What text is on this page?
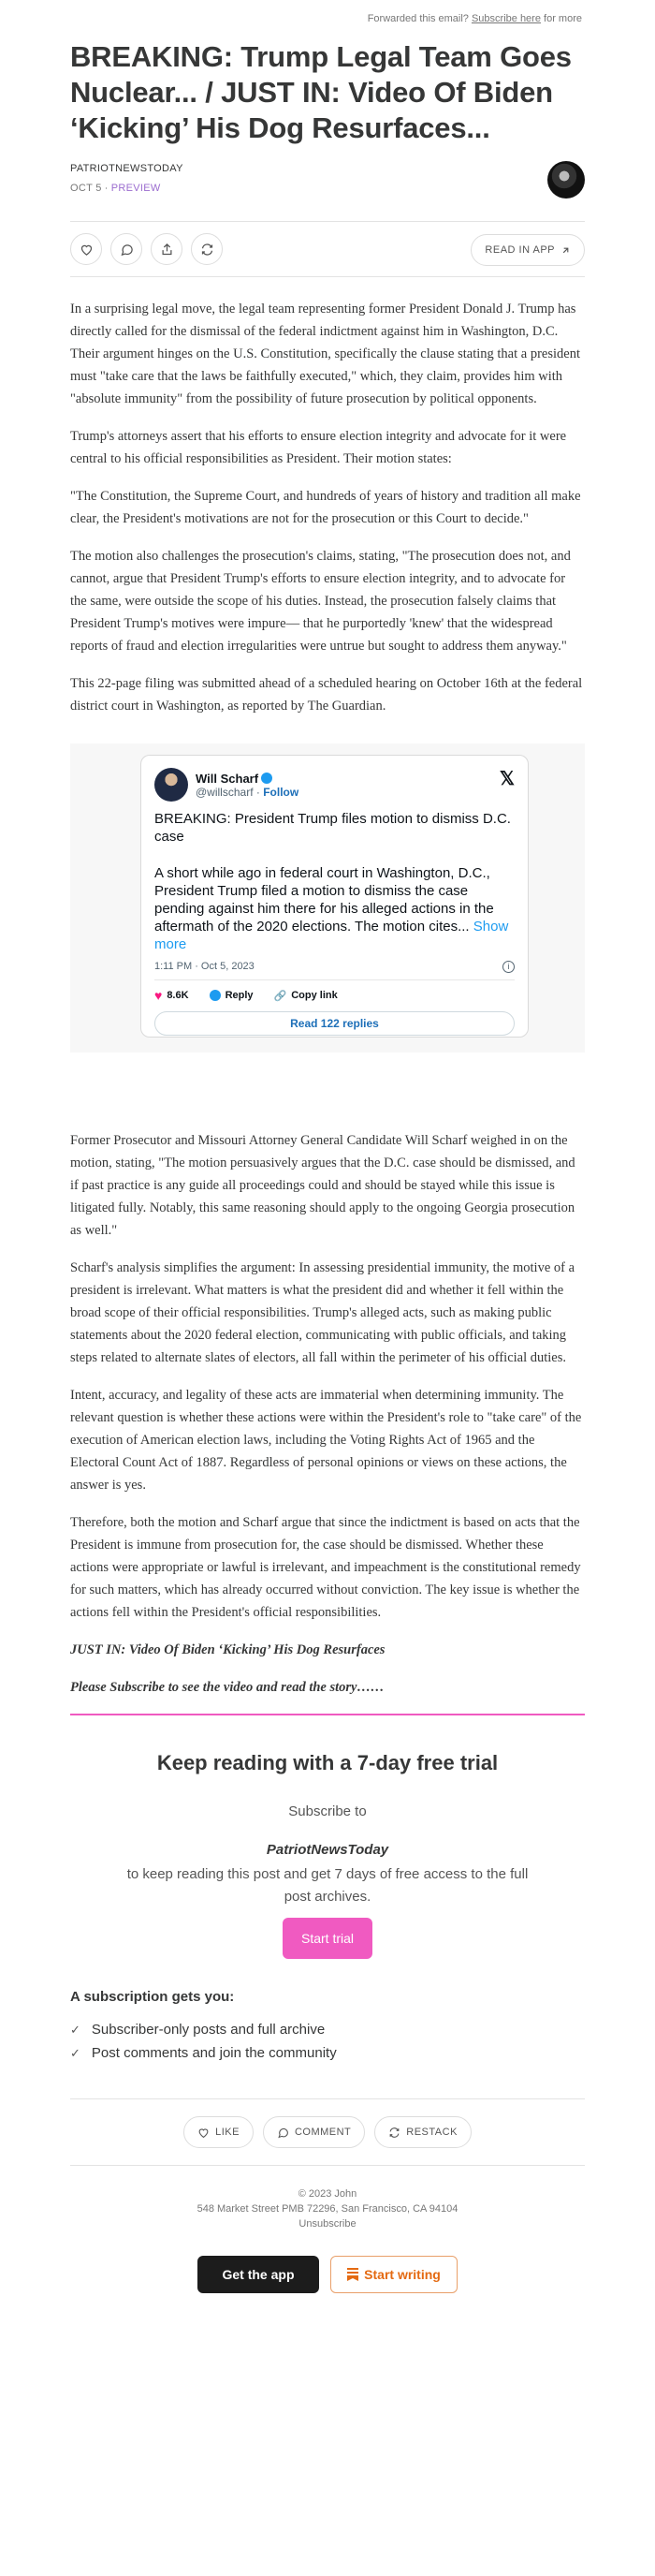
Forwarded this email? Subscribe here for more
BREAKING: Trump Legal Team Goes Nuclear... / JUST IN: Video Of Biden ‘Kicking’ His Dog Resurfaces...
PATRIOTNEWSTODAY
OCT 5 ∙ PREVIEW
READ IN APP

In a surprising legal move, the legal team representing former President Donald J. Trump has directly called for the dismissal of the federal indictment against him in Washington, D.C. Their argument hinges on the U.S. Constitution, specifically the clause stating that a president must "take care that the laws be faithfully executed," which, they claim, provides him with "absolute immunity" from the possibility of future prosecution by political opponents.

Trump's attorneys assert that his efforts to ensure election integrity and advocate for it were central to his official responsibilities as President. Their motion states:

"The Constitution, the Supreme Court, and hundreds of years of history and tradition all make clear, the President's motivations are not for the prosecution or this Court to decide."

The motion also challenges the prosecution's claims, stating, "The prosecution does not, and cannot, argue that President Trump's efforts to ensure election integrity, and to advocate for the same, were outside the scope of his duties. Instead, the prosecution falsely claims that President Trump's motives were impure— that he purportedly 'knew' that the widespread reports of fraud and election irregularities were untrue but sought to address them anyway."

This 22-page filing was submitted ahead of a scheduled hearing on October 16th at the federal district court in Washington, as reported by The Guardian.

Will Scharf
@willscharf · Follow
𝕏
BREAKING: President Trump files motion to dismiss D.C. case
A short while ago in federal court in Washington, D.C., President Trump filed a motion to dismiss the case pending against him there for his alleged actions in the aftermath of the 2020 elections. The motion cites... Show more
1:11 PM · Oct 5, 2023	i
♥ 8.6K	Reply 🔗 Copy link
Read 122 replies

Former Prosecutor and Missouri Attorney General Candidate Will Scharf weighed in on the motion, stating, "The motion persuasively argues that the D.C. case should be dismissed, and if past practice is any guide all proceedings could and should be stayed while this issue is litigated fully. Notably, this same reasoning should apply to the ongoing Georgia prosecution as well."

Scharf's analysis simplifies the argument: In assessing presidential immunity, the motive of a president is irrelevant. What matters is what the president did and whether it fell within the broad scope of their official responsibilities. Trump's alleged acts, such as making public statements about the 2020 federal election, communicating with public officials, and taking steps related to alternate slates of electors, all fall within the perimeter of his official duties.

Intent, accuracy, and legality of these acts are immaterial when determining immunity. The relevant question is whether these actions were within the President's role to "take care" of the execution of American election laws, including the Voting Rights Act of 1965 and the Electoral Count Act of 1887. Regardless of personal opinions or views on these actions, the answer is yes.

Therefore, both the motion and Scharf argue that since the indictment is based on acts that the President is immune from prosecution for, the case should be dismissed. Whether these actions were appropriate or lawful is irrelevant, and impeachment is the constitutional remedy for such matters, which has already occurred without conviction. The key issue is whether the actions fell within the President's official responsibilities.

JUST IN: Video Of Biden ‘Kicking’ His Dog Resurfaces

Please Subscribe to see the video and read the story……

Keep reading with a 7-day free trial
Subscribe to
PatriotNewsToday
to keep reading this post and get 7 days of free access to the full post archives.
Start trial
A subscription gets you:
✓ Subscriber-only posts and full archive
✓ Post comments and join the community
LIKE	COMMENT	RESTACK
© 2023 John
548 Market Street PMB 72296, San Francisco, CA 94104
Unsubscribe
Get the app	Start writing
